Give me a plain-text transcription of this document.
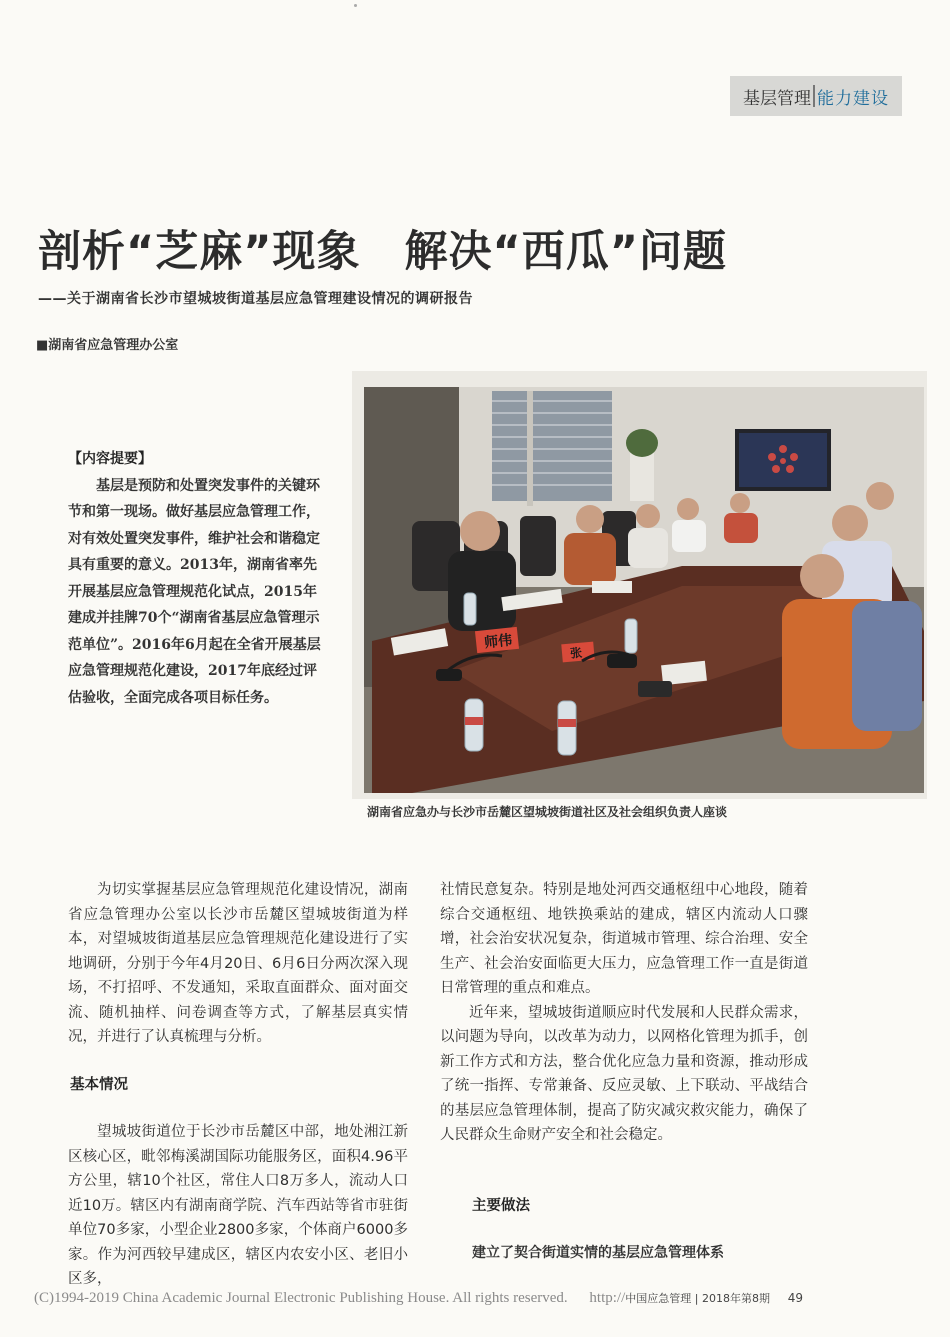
基层管理 能力建设
剖析“芝麻”现象　解决“西瓜”问题
——关于湖南省长沙市望城坡街道基层应急管理建设情况的调研报告
■湖南省应急管理办公室
【内容提要】
基层是预防和处置突发事件的关键环节和第一现场。做好基层应急管理工作，对有效处置突发事件，维护社会和谐稳定具有重要的意义。2013年，湖南省率先开展基层应急管理规范化试点，2015年建成并挂牌70个“湖南省基层应急管理示范单位”。2016年6月起在全省开展基层应急管理规范化建设，2017年底经过评估验收，全面完成各项目标任务。
师伟
张
湖南省应急办与长沙市岳麓区望城坡街道社区及社会组织负责人座谈

为切实掌握基层应急管理规范化建设情况，湖南省应急管理办公室以长沙市岳麓区望城坡街道为样本，对望城坡街道基层应急管理规范化建设进行了实地调研，分别于今年4月20日、6月6日分两次深入现场，不打招呼、不发通知，采取直面群众、面对面交流、随机抽样、问卷调查等方式，了解基层真实情况，并进行了认真梳理与分析。

基本情况

望城坡街道位于长沙市岳麓区中部，地处湘江新区核心区，毗邻梅溪湖国际功能服务区，面积4.96平方公里，辖10个社区，常住人口8万多人，流动人口近10万。辖区内有湖南商学院、汽车西站等省市驻街单位70多家，小型企业2800多家，个体商户6000多家。作为河西较早建成区，辖区内农安小区、老旧小区多，

社情民意复杂。特别是地处河西交通枢纽中心地段，随着综合交通枢纽、地铁换乘站的建成，辖区内流动人口骤增，社会治安状况复杂，街道城市管理、综合治理、安全生产、社会治安面临更大压力，应急管理工作一直是街道日常管理的重点和难点。

近年来，望城坡街道顺应时代发展和人民群众需求，以问题为导向，以改革为动力，以网格化管理为抓手，创新工作方式和方法，整合优化应急力量和资源，推动形成了统一指挥、专常兼备、反应灵敏、上下联动、平战结合的基层应急管理体制，提高了防灾减灾救灾能力，确保了人民群众生命财产安全和社会稳定。

主要做法
建立了契合街道实情的基层应急管理体系
(C)1994-2019 China Academic Journal Electronic Publishing House. All rights reserved. http://中国应急管理 | 2018年第8期 49
